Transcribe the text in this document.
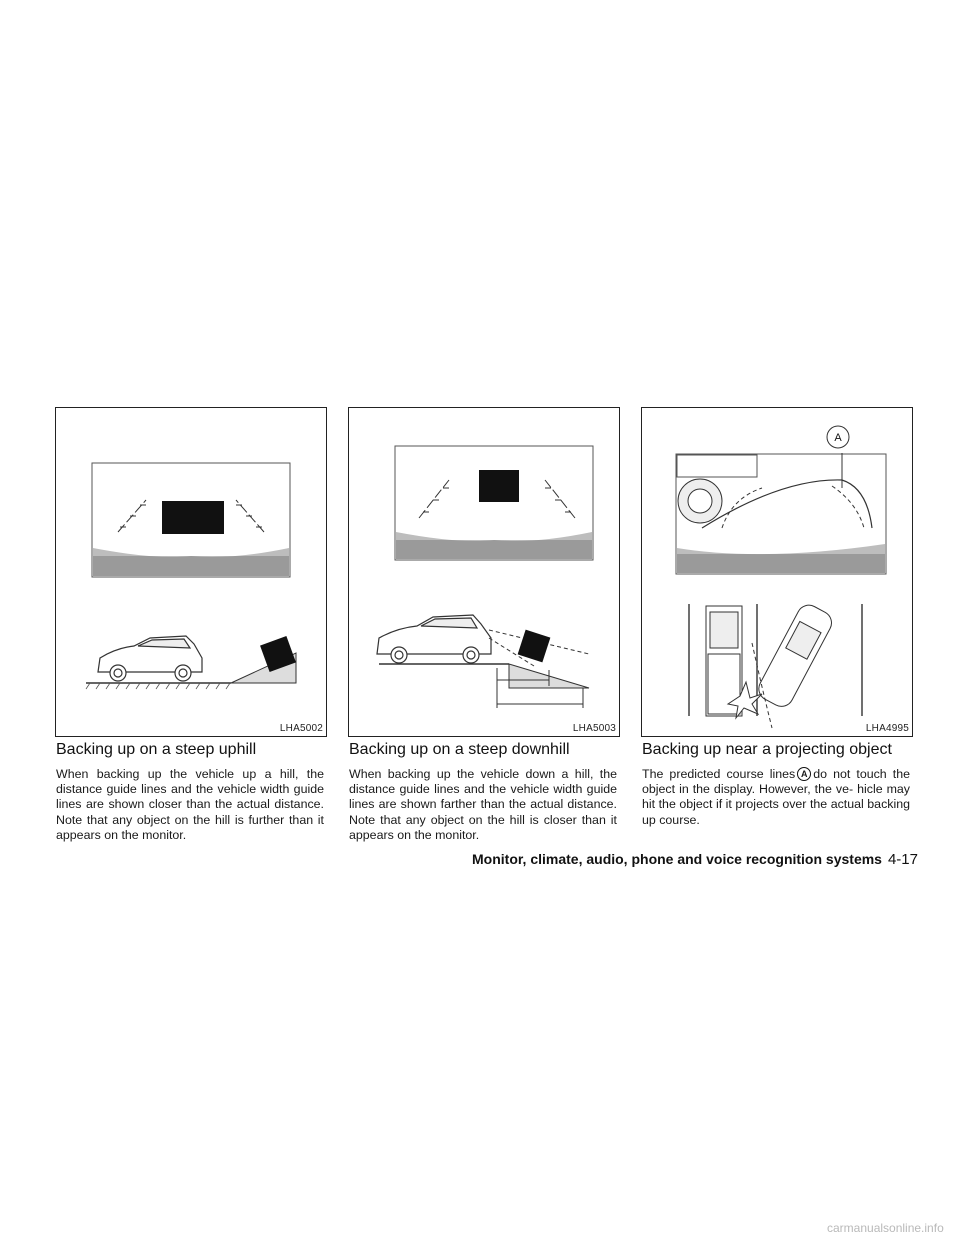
LHA5002	LHA5003
A
LHA4995
Backing up on a steep uphill

When backing up the vehicle up a hill, the distance guide lines and the vehicle width guide lines are shown closer than the actual distance. Note that any object on the hill is further than it appears on the monitor.

Backing up on a steep downhill

When backing up the vehicle down a hill, the distance guide lines and the vehicle width guide lines are shown farther than the actual distance. Note that any object on the hill is closer than it appears on the monitor.

Backing up near a projecting object

The predicted course lines A do not touch the object in the display. However, the ve- hicle may hit the object if it projects over the actual backing up course.

Monitor, climate, audio, phone and voice recognition systems 4-17
carmanualsonline.info
